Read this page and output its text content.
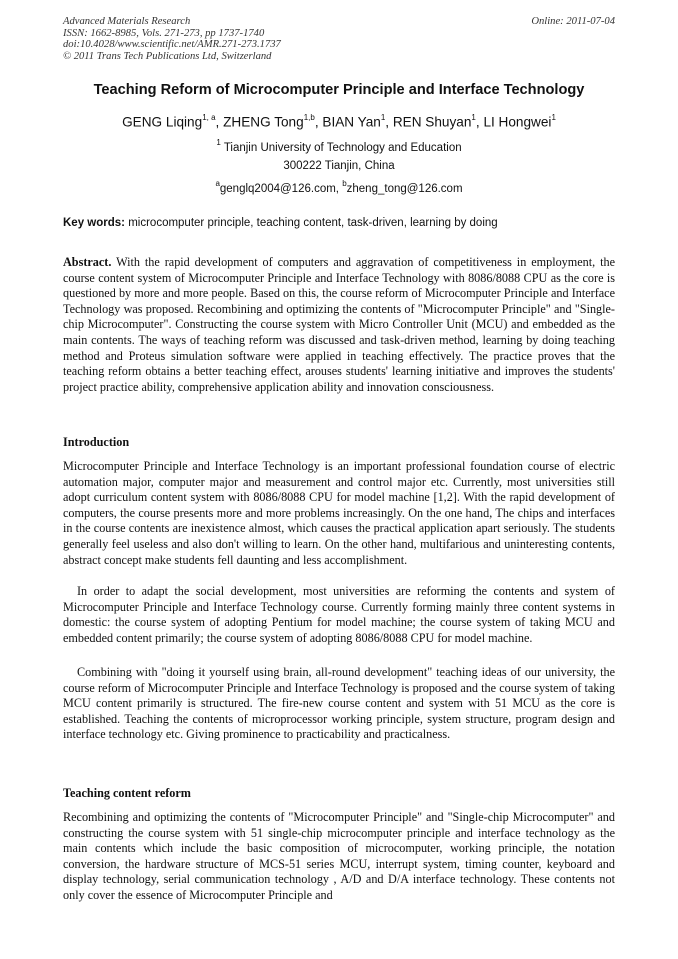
Advanced Materials Research
ISSN: 1662-8985, Vols. 271-273, pp 1737-1740
doi:10.4028/www.scientific.net/AMR.271-273.1737
© 2011 Trans Tech Publications Ltd, Switzerland
Online: 2011-07-04
Teaching Reform of Microcomputer Principle and Interface Technology
GENG Liqing$^{1, a}$, ZHENG Tong$^{1,b}$, BIAN Yan$^1$, REN Shuyan$^1$, LI Hongwei$^1$
$^1$ Tianjin University of Technology and Education
300222 Tianjin, China
$^a$genglq2004@126.com, $^b$zheng_tong@126.com
Key words: microcomputer principle, teaching content, task-driven, learning by doing
Abstract. With the rapid development of computers and aggravation of competitiveness in employment, the course content system of Microcomputer Principle and Interface Technology with 8086/8088 CPU as the core is questioned by more and more people. Based on this, the course reform of Microcomputer Principle and Interface Technology was proposed. Recombining and optimizing the contents of "Microcomputer Principle" and "Single-chip Microcomputer". Constructing the course system with Micro Controller Unit (MCU) and embedded as the main contents. The ways of teaching reform was discussed and task-driven method, learning by doing teaching method and Proteus simulation software were applied in teaching effectively. The practice proves that the teaching reform obtains a better teaching effect, arouses students' learning initiative and improves the students' project practice ability, comprehensive application ability and innovation consciousness.
Introduction
Microcomputer Principle and Interface Technology is an important professional foundation course of electric automation major, computer major and measurement and control major etc. Currently, most universities still adopt curriculum content system with 8086/8088 CPU for model machine [1,2]. With the rapid development of computers, the course presents more and more problems increasingly. On the one hand, The chips and interfaces in the course contents are inexistence almost, which causes the practical application apart seriously. The students generally feel useless and also don't willing to learn. On the other hand, multifarious and uninteresting contents, abstract concept make students fell daunting and less accomplishment.
In order to adapt the social development, most universities are reforming the contents and system of Microcomputer Principle and Interface Technology course. Currently forming mainly three content systems in domestic: the course system of adopting Pentium for model machine; the course system of taking MCU and embedded content primarily; the course system of adopting 8086/8088 CPU for model machine.
Combining with "doing it yourself using brain, all-round development" teaching ideas of our university, the course reform of Microcomputer Principle and Interface Technology is proposed and the course system of taking MCU content primarily is structured. The fire-new course content and system with 51 MCU as the core is established. Teaching the contents of microprocessor working principle, system structure, program design and interface technology etc. Giving prominence to practicability and practicalness.
Teaching content reform
Recombining and optimizing the contents of "Microcomputer Principle" and "Single-chip Microcomputer" and constructing the course system with 51 single-chip microcomputer principle and interface technology as the main contents which include the basic composition of microcomputer, working principle, the notation conversion, the hardware structure of MCS-51 series MCU, interrupt system, timing counter, keyboard and display technology, serial communication technology , A/D and D/A interface technology. These contents not only cover the essence of Microcomputer Principle and
